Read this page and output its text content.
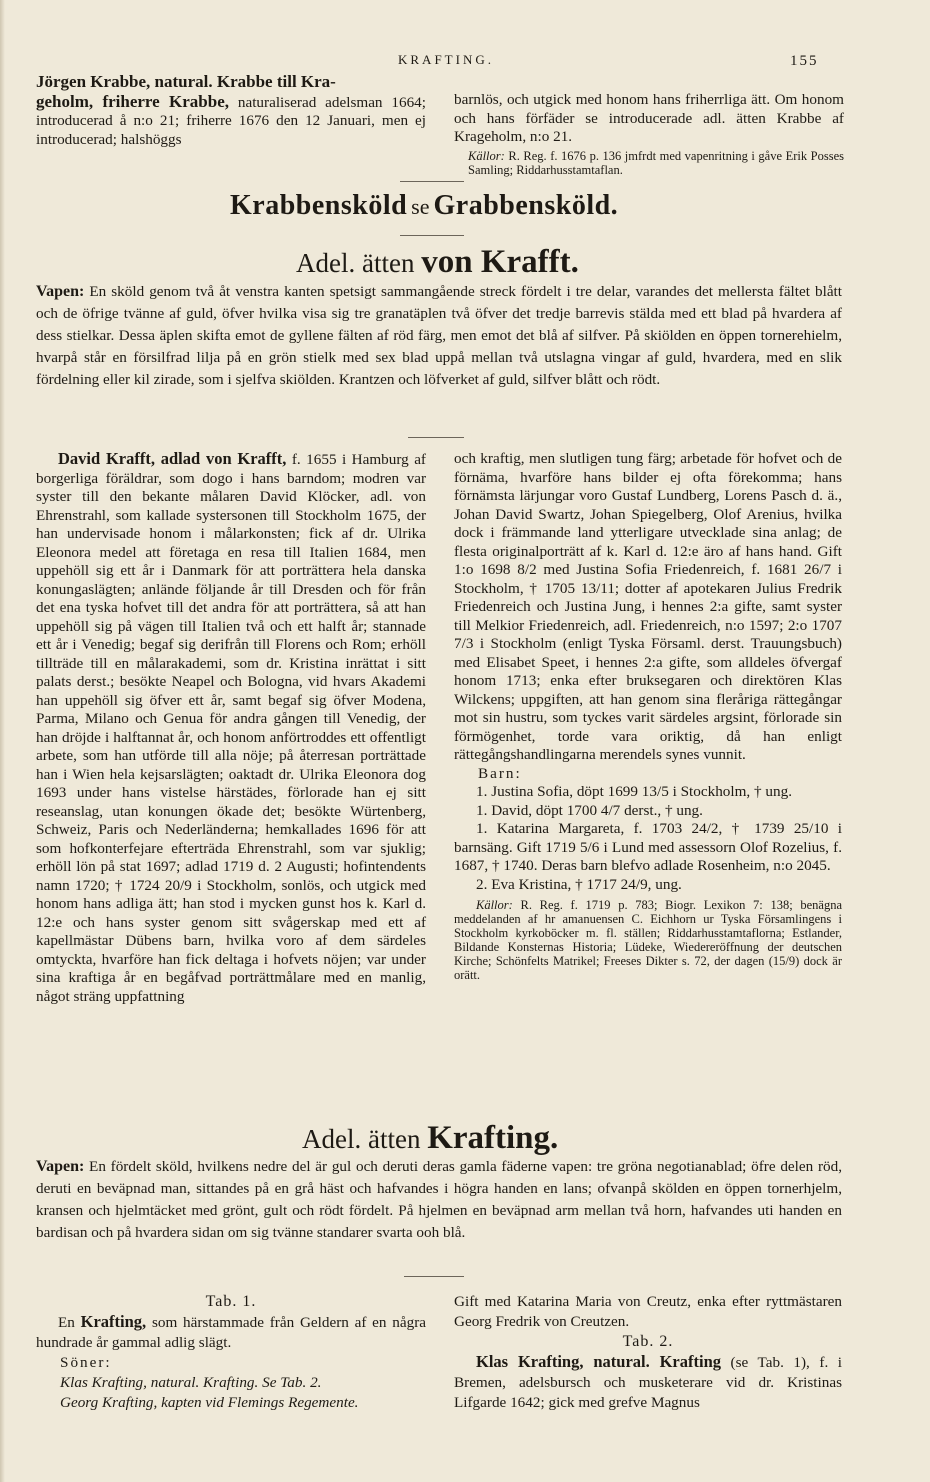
KRAFTING.	155

Jörgen Krabbe, natural. Krabbe till Kra-

geholm, friherre Krabbe, naturaliserad adelsman 1664; introducerad å n:o 21; friherre 1676 den 12 Januari, men ej introducerad; halshöggs

barnlös, och utgick med honom hans friherrliga ätt. Om honom och hans förfäder se introducerade adl. ätten Krabbe af Krageholm, n:o 21.

Källor: R. Reg. f. 1676 p. 136 jmfrdt med vapenritning i gåve Erik Posses Samling; Riddarhusstamtaflan.

Krabbensköld se Grabbensköld.
Adel. ätten von Krafft.

Vapen: En sköld genom två åt venstra kanten spetsigt sammangående streck fördelt i tre delar, varandes det mellersta fältet blått och de öfrige tvänne af guld, öfver hvilka visa sig tre granatäplen två öfver det tredje barrevis stälda med ett blad på hvardera af dess stielkar. Dessa äplen skifta emot de gyllene fälten af röd färg, men emot det blå af silfver. På skiölden en öppen tornerehielm, hvarpå står en försilfrad lilja på en grön stielk med sex blad uppå mellan två utslagna vingar af guld, hvardera, med en slik fördelning eller kil zirade, som i sjelfva skiölden. Krantzen och löfverket af guld, silfver blått och rödt.

David Krafft, adlad von Krafft, f. 1655 i Hamburg af borgerliga föräldrar, som dogo i hans barndom; modren var syster till den bekante målaren David Klöcker, adl. von Ehrenstrahl, som kallade systersonen till Stockholm 1675, der han undervisade honom i målarkonsten; fick af dr. Ulrika Eleonora medel att företaga en resa till Italien 1684, men uppehöll sig ett år i Danmark för att porträttera hela danska konungaslägten; anlände följande år till Dresden och för från det ena tyska hofvet till det andra för att porträttera, så att han uppehöll sig på vägen till Italien två och ett halft år; stannade ett år i Venedig; begaf sig derifrån till Florens och Rom; erhöll tillträde till en målarakademi, som dr. Kristina inrättat i sitt palats derst.; besökte Neapel och Bologna, vid hvars Akademi han uppehöll sig öfver ett år, samt begaf sig öfver Modena, Parma, Milano och Genua för andra gången till Venedig, der han dröjde i halftannat år, och honom anförtroddes ett offentligt arbete, som han utförde till alla nöje; på återresan porträttade han i Wien hela kejsarslägten; oaktadt dr. Ulrika Eleonora dog 1693 under hans vistelse härstädes, förlorade han ej sitt reseanslag, utan konungen ökade det; besökte Würtenberg, Schweiz, Paris och Nederländerna; hemkallades 1696 för att som hofkonterfejare efterträda Ehrenstrahl, som var sjuklig; erhöll lön på stat 1697; adlad 1719 d. 2 Augusti; hofintendents namn 1720; † 1724 20/9 i Stockholm, sonlös, och utgick med honom hans adliga ätt; han stod i mycken gunst hos k. Karl d. 12:e och hans syster genom sitt svågerskap med ett af kapellmästar Dübens barn, hvilka voro af dem särdeles omtyckta, hvarföre han fick deltaga i hofvets nöjen; var under sina kraftiga år en begåfvad porträttmålare med en manlig, något sträng uppfattning

och kraftig, men slutligen tung färg; arbetade för hofvet och de förnäma, hvarföre hans bilder ej ofta förekomma; hans förnämsta lärjungar voro Gustaf Lundberg, Lorens Pasch d. ä., Johan David Swartz, Johan Spiegelberg, Olof Arenius, hvilka dock i främmande land ytterligare utvecklade sina anlag; de flesta originalporträtt af k. Karl d. 12:e äro af hans hand. Gift 1:o 1698 8/2 med Justina Sofia Friedenreich, f. 1681 26/7 i Stockholm, † 1705 13/11; dotter af apotekaren Julius Fredrik Friedenreich och Justina Jung, i hennes 2:a gifte, samt syster till Melkior Friedenreich, adl. Friedenreich, n:o 1597; 2:o 1707 7/3 i Stockholm (enligt Tyska Församl. derst. Trauungsbuch) med Elisabet Speet, i hennes 2:a gifte, som alldeles öfvergaf honom 1713; enka efter bruksegaren och direktören Klas Wilckens; uppgiften, att han genom sina fleråriga rättegångar mot sin hustru, som tyckes varit särdeles argsint, förlorade sin förmögenhet, torde vara oriktig, då han enligt rättegångshandlingarna merendels synes vunnit.

Barn:

1. Justina Sofia, döpt 1699 13/5 i Stockholm, † ung.

1. David, döpt 1700 4/7 derst., † ung.

1. Katarina Margareta, f. 1703 24/2, † 1739 25/10 i barnsäng. Gift 1719 5/6 i Lund med assessorn Olof Rozelius, f. 1687, † 1740. Deras barn blefvo adlade Rosenheim, n:o 2045.

2. Eva Kristina, † 1717 24/9, ung.

Källor: R. Reg. f. 1719 p. 783; Biogr. Lexikon 7: 138; benägna meddelanden af hr amanuensen C. Eichhorn ur Tyska Församlingens i Stockholm kyrkoböcker m. fl. ställen; Riddarhusstamtaflorna; Estlander, Bildande Konsternas Historia; Lüdeke, Wiedereröffnung der deutschen Kirche; Schönfelts Matrikel; Freeses Dikter s. 72, der dagen (15/9) dock är orätt.

Adel. ätten Krafting.

Vapen: En fördelt sköld, hvilkens nedre del är gul och deruti deras gamla fäderne vapen: tre gröna negotianablad; öfre delen röd, deruti en beväpnad man, sittandes på en grå häst och hafvandes i högra handen en lans; ofvanpå skölden en öppen tornerhjelm, kransen och hjelmtäcket med grönt, gult och rödt fördelt. På hjelmen en beväpnad arm mellan två horn, hafvandes uti handen en bardisan och på hvardera sidan om sig tvänne standarer svarta ooh blå.

Tab. 1.

En Krafting, som härstammade från Geldern af en några hundrade år gammal adlig slägt.

Söner:

Klas Krafting, natural. Krafting. Se Tab. 2.

Georg Krafting, kapten vid Flemings Regemente.

Gift med Katarina Maria von Creutz, enka efter ryttmästaren Georg Fredrik von Creutzen.

Tab. 2.

Klas Krafting, natural. Krafting (se Tab. 1), f. i Bremen, adelsbursch och musketerare vid dr. Kristinas Lifgarde 1642; gick med grefve Magnus
